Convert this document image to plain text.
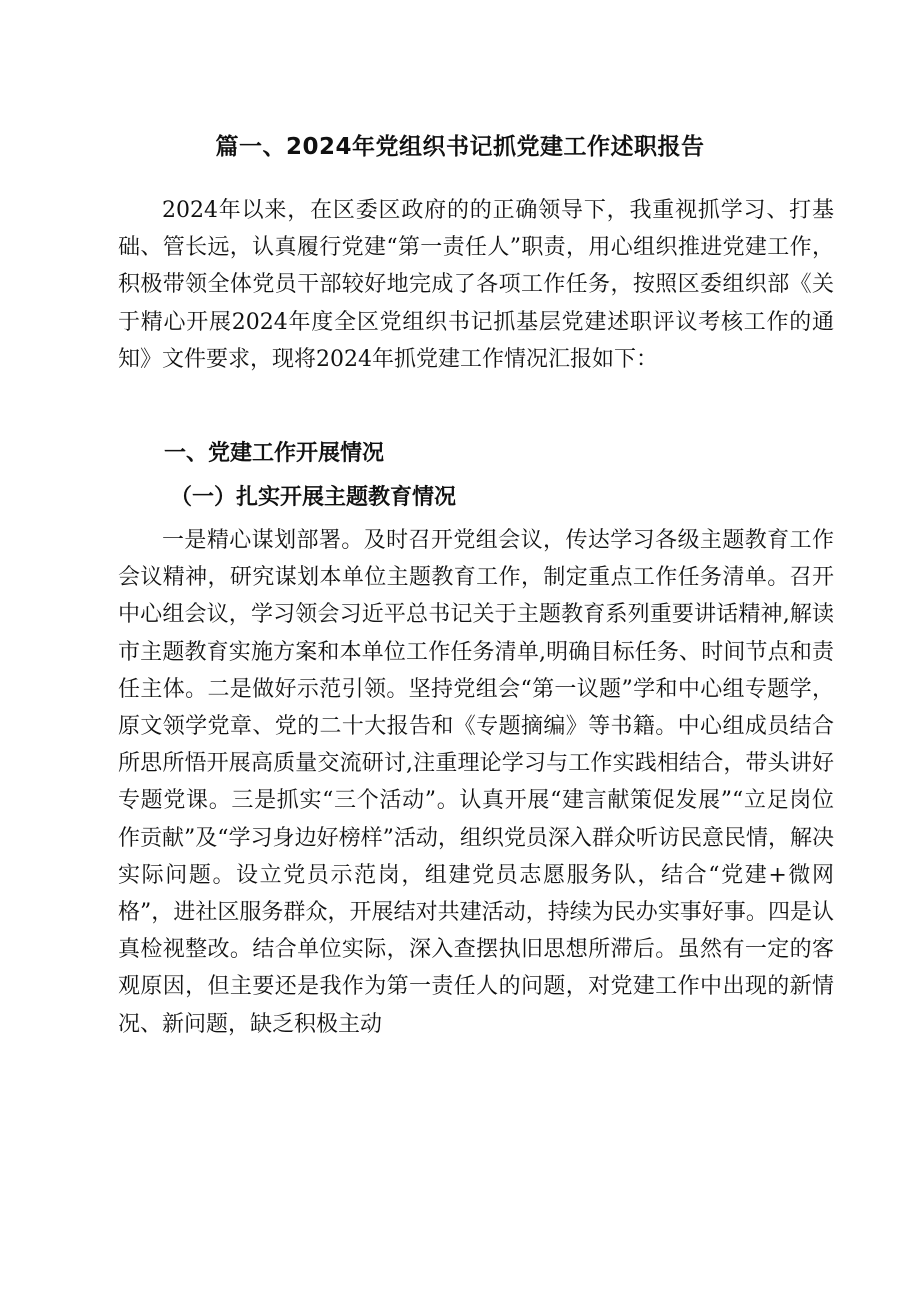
篇一、2024年党组织书记抓党建工作述职报告

2024年以来，在区委区政府的的正确领导下，我重视抓学习、打基础、管长远，认真履行党建“第一责任人”职责，用心组织推进党建工作，积极带领全体党员干部较好地完成了各项工作任务，按照区委组织部《关于精心开展2024年度全区党组织书记抓基层党建述职评议考核工作的通知》文件要求，现将2024年抓党建工作情况汇报如下：

一、党建工作开展情况
（一）扎实开展主题教育情况

一是精心谋划部署。及时召开党组会议，传达学习各级主题教育工作会议精神，研究谋划本单位主题教育工作，制定重点工作任务清单。召开中心组会议，学习领会习近平总书记关于主题教育系列重要讲话精神,解读市主题教育实施方案和本单位工作任务清单,明确目标任务、时间节点和责任主体。二是做好示范引领。坚持党组会“第一议题”学和中心组专题学，原文领学党章、党的二十大报告和《专题摘编》等书籍。中心组成员结合所思所悟开展高质量交流研讨,注重理论学习与工作实践相结合，带头讲好专题党课。三是抓实“三个活动”。认真开展“建言献策促发展”“立足岗位作贡献”及“学习身边好榜样”活动，组织党员深入群众听访民意民情，解决实际问题。设立党员示范岗，组建党员志愿服务队，结合“党建+微网格”，进社区服务群众，开展结对共建活动，持续为民办实事好事。四是认真检视整改。结合单位实际，深入查摆执旧思想所滞后。虽然有一定的客观原因，但主要还是我作为第一责任人的问题，对党建工作中出现的新情况、新问题，缺乏积极主动
